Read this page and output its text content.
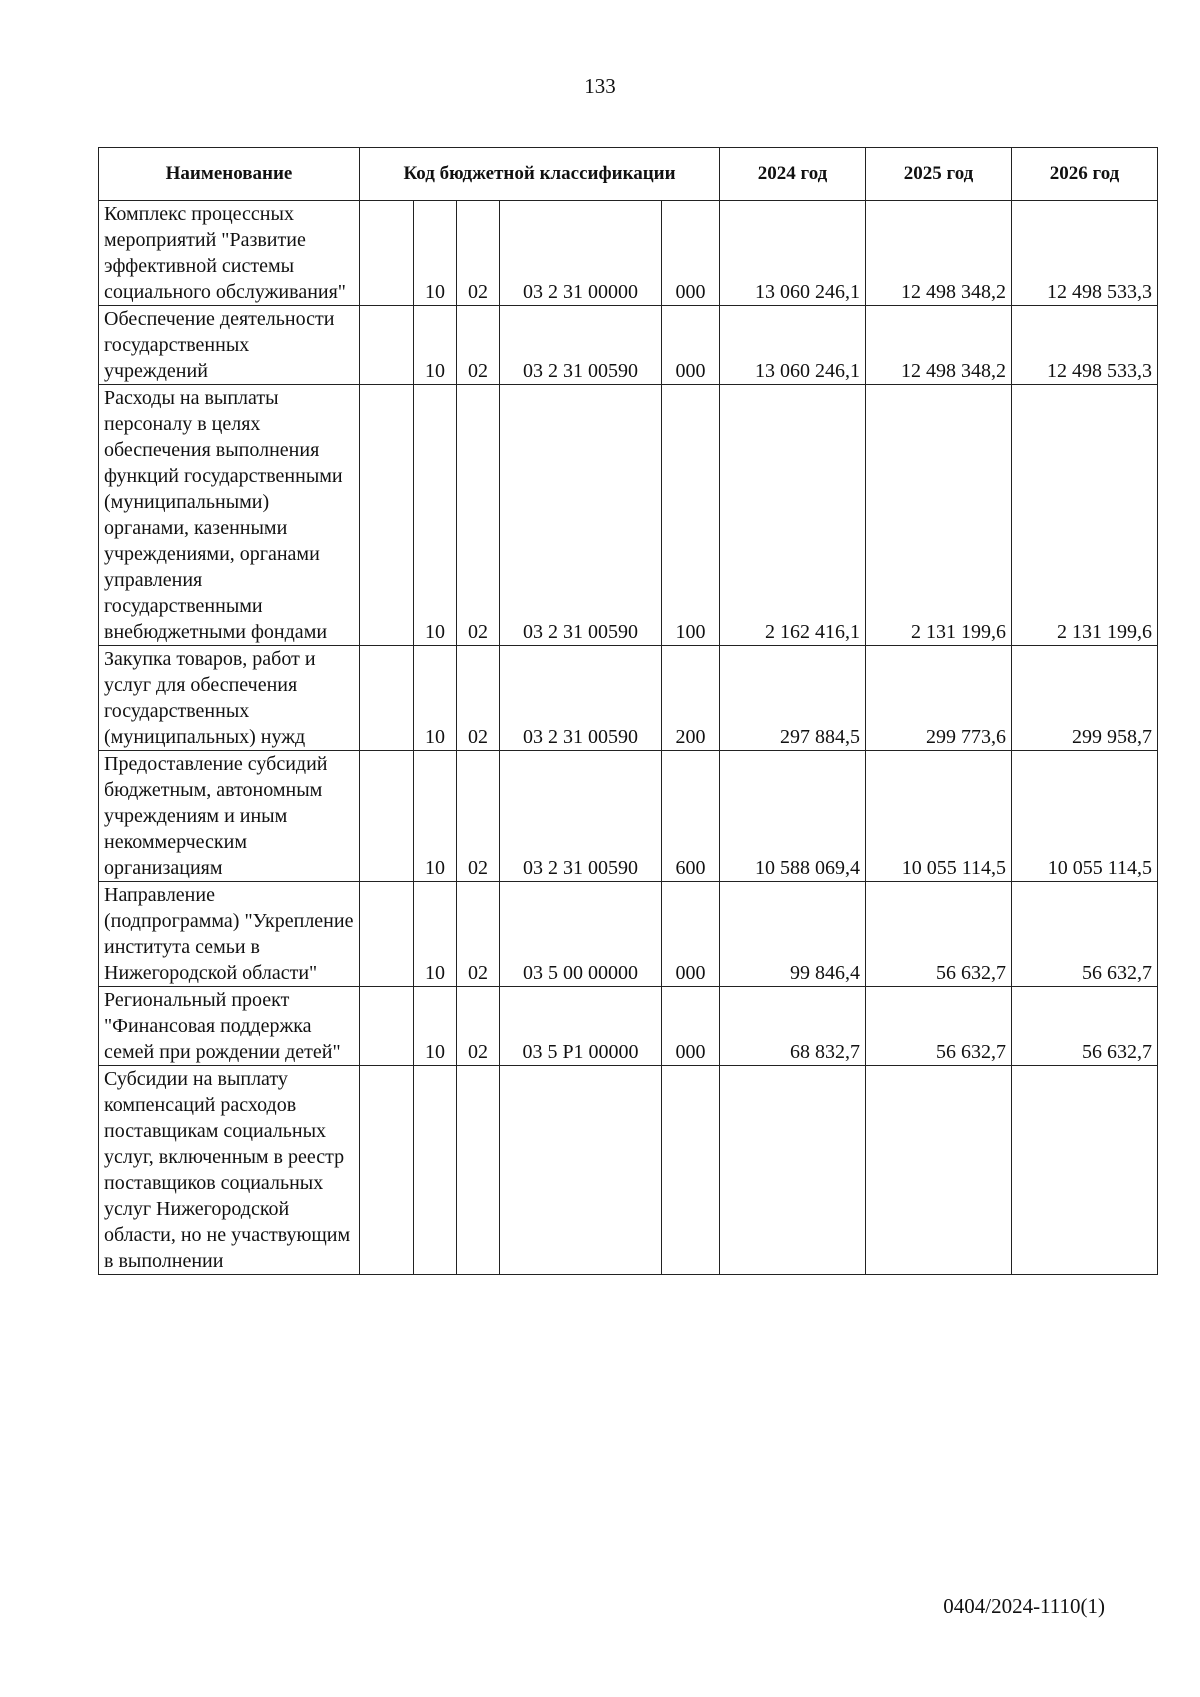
133
Наименование	Код бюджетной классификации					2024 год	2025 год	2026 год
Комплекс процессных мероприятий "Развитие эффективной системы социального обслуживания"		10	02	03 2 31 00000	000	13 060 246,1	12 498 348,2	12 498 533,3
Обеспечение деятельности государственных учреждений		10	02	03 2 31 00590	000	13 060 246,1	12 498 348,2	12 498 533,3
Расходы на выплаты персоналу в целях обеспечения выполнения функций государственными (муниципальными) органами, казенными учреждениями, органами управления государственными внебюджетными фондами		10	02	03 2 31 00590	100	2 162 416,1	2 131 199,6	2 131 199,6
Закупка товаров, работ и услуг для обеспечения государственных (муниципальных) нужд		10	02	03 2 31 00590	200	297 884,5	299 773,6	299 958,7
Предоставление субсидий бюджетным, автономным учреждениям и иным некоммерческим организациям		10	02	03 2 31 00590	600	10 588 069,4	10 055 114,5	10 055 114,5
Направление (подпрограмма) "Укрепление института семьи в Нижегородской области"		10	02	03 5 00 00000	000	99 846,4	56 632,7	56 632,7
Региональный проект "Финансовая поддержка семей при рождении детей"		10	02	03 5 P1 00000	000	68 832,7	56 632,7	56 632,7
Субсидии на выплату компенсаций расходов поставщикам социальных услуг, включенным в реестр поставщиков социальных услуг Нижегородской области, но не участвующим в выполнении								
0404/2024-1110(1)
